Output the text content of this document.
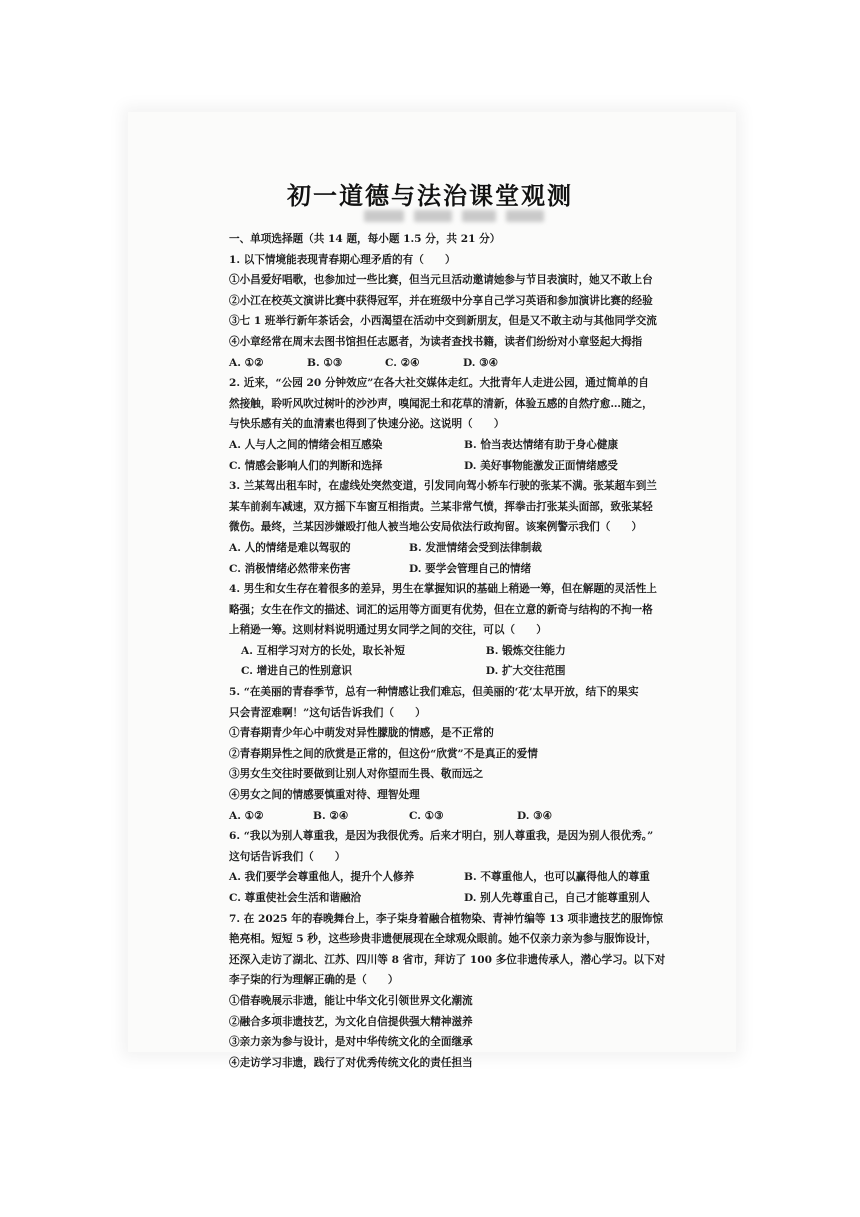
初一道德与法治课堂观测
一、单项选择题（共 14 题，每小题 1.5 分，共 21 分）
1. 以下情境能表现青春期心理矛盾的有（　　）
①小昌爱好唱歌，也参加过一些比赛，但当元旦活动邀请她参与节目表演时，她又不敢上台
②小江在校英文演讲比赛中获得冠军，并在班级中分享自己学习英语和参加演讲比赛的经验
③七 1 班举行新年茶话会，小西渴望在活动中交到新朋友，但是又不敢主动与其他同学交流
④小章经常在周末去图书馆担任志愿者，为读者查找书籍，读者们纷纷对小章竖起大拇指
A. ①②	B. ①③	C. ②④	D. ③④
2. 近来，“公园 20 分钟效应”在各大社交媒体走红。大批青年人走进公园，通过简单的自
然接触，聆听风吹过树叶的沙沙声，嗅闻泥土和花草的清新，体验五感的自然疗愈…随之，
与快乐感有关的血清素也得到了快速分泌。这说明（　　）
A. 人与人之间的情绪会相互感染	B. 恰当表达情绪有助于身心健康
C. 情感会影响人们的判断和选择	D. 美好事物能激发正面情绪感受
3. 兰某驾出租车时，在虚线处突然变道，引发同向驾小轿车行驶的张某不满。张某超车到兰
某车前刹车减速，双方摇下车窗互相指责。兰某非常气愤，挥拳击打张某头面部，致张某轻
微伤。最终，兰某因涉嫌殴打他人被当地公安局依法行政拘留。该案例警示我们（　　）
A. 人的情绪是难以驾驭的	B. 发泄情绪会受到法律制裁
C. 消极情绪必然带来伤害	D. 要学会管理自己的情绪
4. 男生和女生存在着很多的差异，男生在掌握知识的基础上稍逊一筹，但在解题的灵活性上
略强；女生在作文的描述、词汇的运用等方面更有优势，但在立意的新奇与结构的不拘一格
上稍逊一筹。这则材料说明通过男女同学之间的交往，可以（　　）
A. 互相学习对方的长处，取长补短	B. 锻炼交往能力
C. 增进自己的性别意识	D. 扩大交往范围
5. “在美丽的青春季节，总有一种情感让我们难忘，但美丽的‘花’太早开放，结下的果实
只会青涩难啊！”这句话告诉我们（　　）
①青春期青少年心中萌发对异性朦胧的情感，是不正常的
②青春期异性之间的欣赏是正常的，但这份“欣赏”不是真正的爱情
③男女生交往时要做到让别人对你望而生畏、敬而远之
④男女之间的情感要慎重对待、理智处理
A. ①②	B. ②④	C. ①③	D. ③④
6. “我以为别人尊重我，是因为我很优秀。后来才明白，别人尊重我，是因为别人很优秀。”
这句话告诉我们（　　）
A. 我们要学会尊重他人，提升个人修养	B. 不尊重他人，也可以赢得他人的尊重
C. 尊重使社会生活和谐融洽	D. 别人先尊重自己，自己才能尊重别人
7. 在 2025 年的春晚舞台上，李子柒身着融合植物染、青神竹编等 13 项非遗技艺的服饰惊
艳亮相。短短 5 秒，这些珍贵非遗便展现在全球观众眼前。她不仅亲力亲为参与服饰设计，
还深入走访了湖北、江苏、四川等 8 省市，拜访了 100 多位非遗传承人，潜心学习。以下对
李子柒的行为理解正确的是（　　）
①借春晚展示非遗，能让中华文化引领世界文化潮流
②融合多项非遗技艺，为文化自信提供强大精神滋养
③亲力亲为参与设计，是对中华传统文化的全面继承
④走访学习非遗，践行了对优秀传统文化的责任担当
